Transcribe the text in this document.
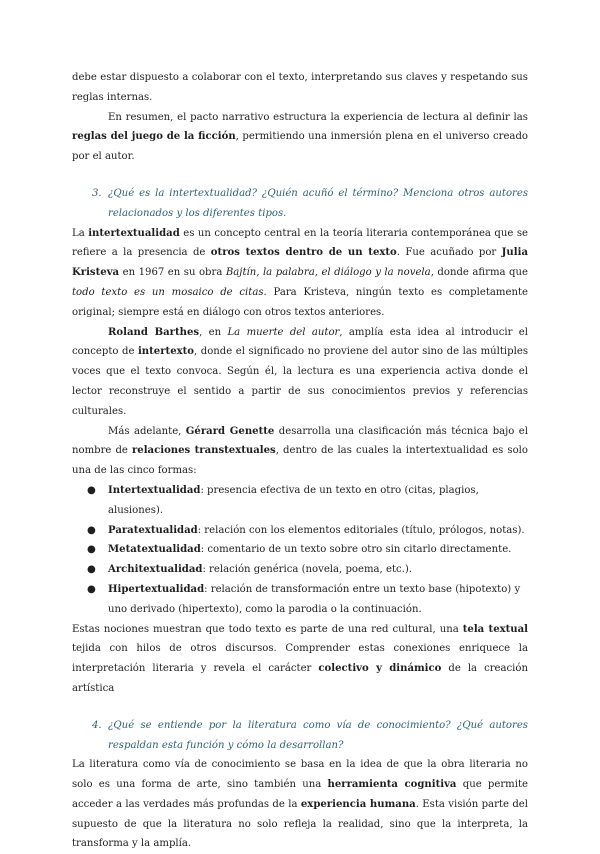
debe estar dispuesto a colaborar con el texto, interpretando sus claves y respetando sus reglas internas.

En resumen, el pacto narrativo estructura la experiencia de lectura al definir las reglas del juego de la ficción, permitiendo una inmersión plena en el universo creado por el autor.

3. ¿Qué es la intertextualidad? ¿Quién acuñó el término? Menciona otros autores relacionados y los diferentes tipos.

La intertextualidad es un concepto central en la teoría literaria contemporánea que se refiere a la presencia de otros textos dentro de un texto. Fue acuñado por Julia Kristeva en 1967 en su obra Bajtín, la palabra, el diálogo y la novela, donde afirma que todo texto es un mosaico de citas. Para Kristeva, ningún texto es completamente original; siempre está en diálogo con otros textos anteriores.

Roland Barthes, en La muerte del autor, amplía esta idea al introducir el concepto de intertexto, donde el significado no proviene del autor sino de las múltiples voces que el texto convoca. Según él, la lectura es una experiencia activa donde el lector reconstruye el sentido a partir de sus conocimientos previos y referencias culturales.

Más adelante, Gérard Genette desarrolla una clasificación más técnica bajo el nombre de relaciones transtextuales, dentro de las cuales la intertextualidad es solo una de las cinco formas:

● Intertextualidad: presencia efectiva de un texto en otro (citas, plagios, alusiones).
● Paratextualidad: relación con los elementos editoriales (título, prólogos, notas).
● Metatextualidad: comentario de un texto sobre otro sin citarlo directamente.
● Architextualidad: relación genérica (novela, poema, etc.).
● Hipertextualidad: relación de transformación entre un texto base (hipotexto) y uno derivado (hipertexto), como la parodia o la continuación.

Estas nociones muestran que todo texto es parte de una red cultural, una tela textual tejida con hilos de otros discursos. Comprender estas conexiones enriquece la interpretación literaria y revela el carácter colectivo y dinámico de la creación artística

4. ¿Qué se entiende por la literatura como vía de conocimiento? ¿Qué autores respaldan esta función y cómo la desarrollan?

La literatura como vía de conocimiento se basa en la idea de que la obra literaria no solo es una forma de arte, sino también una herramienta cognitiva que permite acceder a las verdades más profundas de la experiencia humana. Esta visión parte del supuesto de que la literatura no solo refleja la realidad, sino que la interpreta, la transforma y la amplía.
